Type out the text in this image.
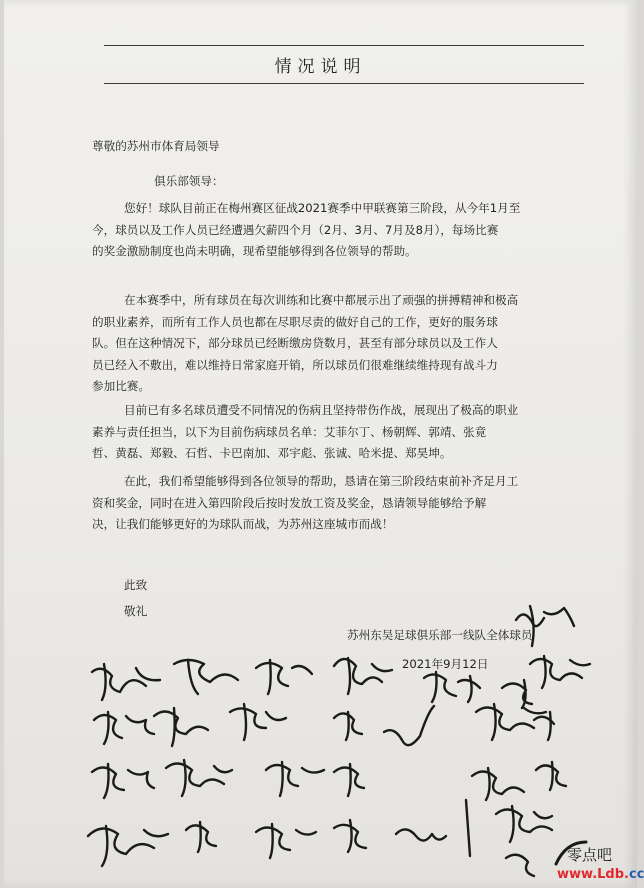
情况说明
尊敬的苏州市体育局领导
俱乐部领导：
您好！球队目前正在梅州赛区征战2021赛季中甲联赛第三阶段，从今年1月至
今，球员以及工作人员已经遭遇欠薪四个月（2月、3月、7月及8月），每场比赛
的奖金激励制度也尚未明确，现希望能够得到各位领导的帮助。
在本赛季中，所有球员在每次训练和比赛中都展示出了顽强的拼搏精神和极高
的职业素养，而所有工作人员也都在尽职尽责的做好自己的工作，更好的服务球
队。但在这种情况下，部分球员已经断缴房贷数月，甚至有部分球员以及工作人
员已经入不敷出，难以维持日常家庭开销，所以球员们很难继续维持现有战斗力
参加比赛。
目前已有多名球员遭受不同情况的伤病且坚持带伤作战，展现出了极高的职业
素养与责任担当，以下为目前伤病球员名单：艾菲尔丁、杨朝辉、郭靖、张竟
哲、黄磊、郑毅、石哲、卡巴南加、邓宇彪、张诚、哈米提、郑昊坤。
在此，我们希望能够得到各位领导的帮助，恳请在第三阶段结束前补齐足月工
资和奖金，同时在进入第四阶段后按时发放工资及奖金，恳请领导能够给予解
决，让我们能够更好的为球队而战，为苏州这座城市而战！
此致
敬礼
苏州东吴足球俱乐部一线队全体球员
2021年9月12日
零点吧
www.Ldb.cc
